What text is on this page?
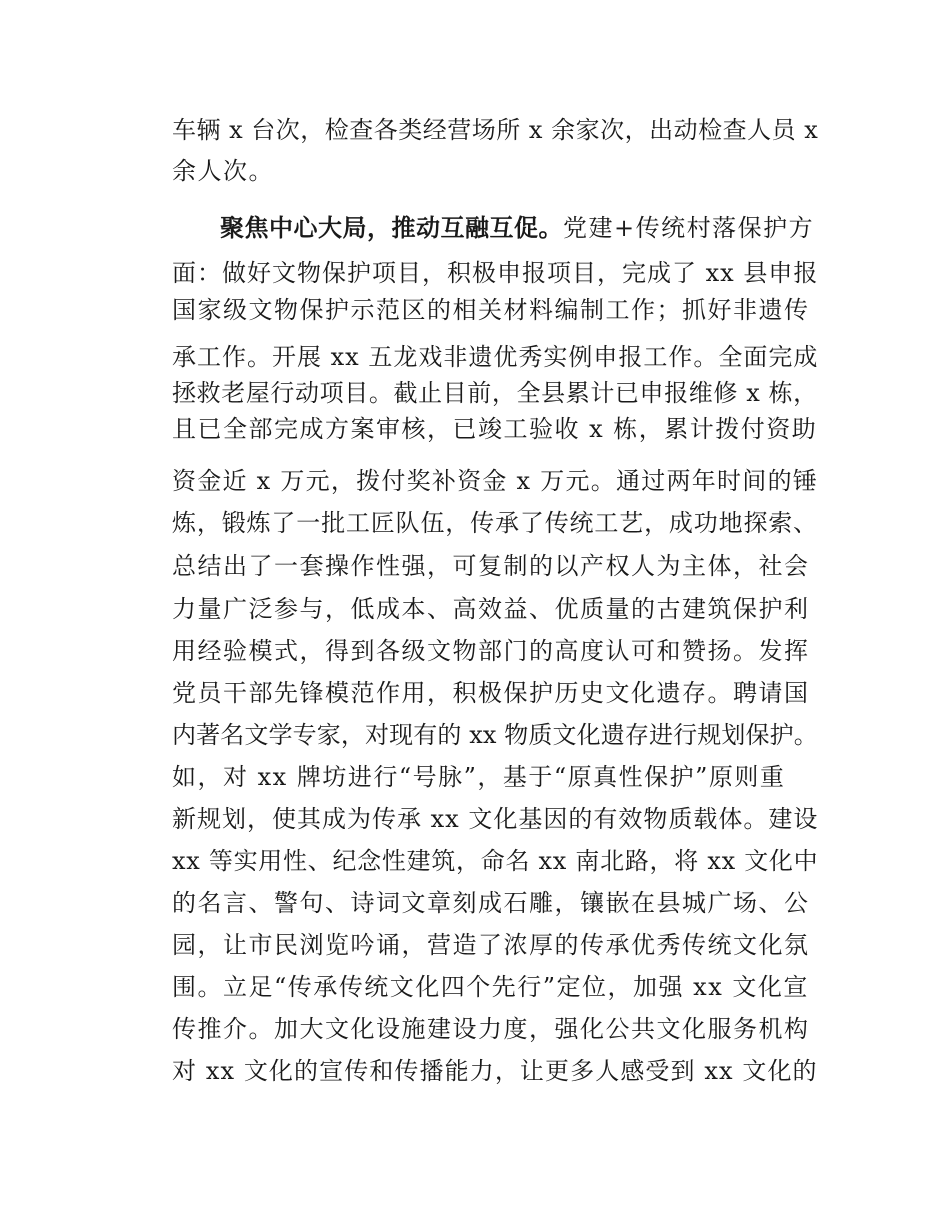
车辆 x 台次，检查各类经营场所 x 余家次，出动检查人员 x
余人次。
聚焦中心大局，推动互融互促。党建+传统村落保护方
面：做好文物保护项目，积极申报项目，完成了 xx 县申报
国家级文物保护示范区的相关材料编制工作；抓好非遗传
承工作。开展 xx 五龙戏非遗优秀实例申报工作。全面完成
拯救老屋行动项目。截止目前，全县累计已申报维修 x 栋，
且已全部完成方案审核，已竣工验收 x 栋，累计拨付资助
资金近 x 万元，拨付奖补资金 x 万元。通过两年时间的锤
炼，锻炼了一批工匠队伍，传承了传统工艺，成功地探索、
总结出了一套操作性强，可复制的以产权人为主体，社会
力量广泛参与，低成本、高效益、优质量的古建筑保护利
用经验模式，得到各级文物部门的高度认可和赞扬。发挥
党员干部先锋模范作用，积极保护历史文化遗存。聘请国
内著名文学专家，对现有的 xx 物质文化遗存进行规划保护。
如，对 xx 牌坊进行“号脉”，基于“原真性保护”原则重
新规划，使其成为传承 xx 文化基因的有效物质载体。建设
xx 等实用性、纪念性建筑，命名 xx 南北路，将 xx 文化中
的名言、警句、诗词文章刻成石雕，镶嵌在县城广场、公
园，让市民浏览吟诵，营造了浓厚的传承优秀传统文化氛
围。立足“传承传统文化四个先行”定位，加强 xx 文化宣
传推介。加大文化设施建设力度，强化公共文化服务机构
对 xx 文化的宣传和传播能力，让更多人感受到 xx 文化的
